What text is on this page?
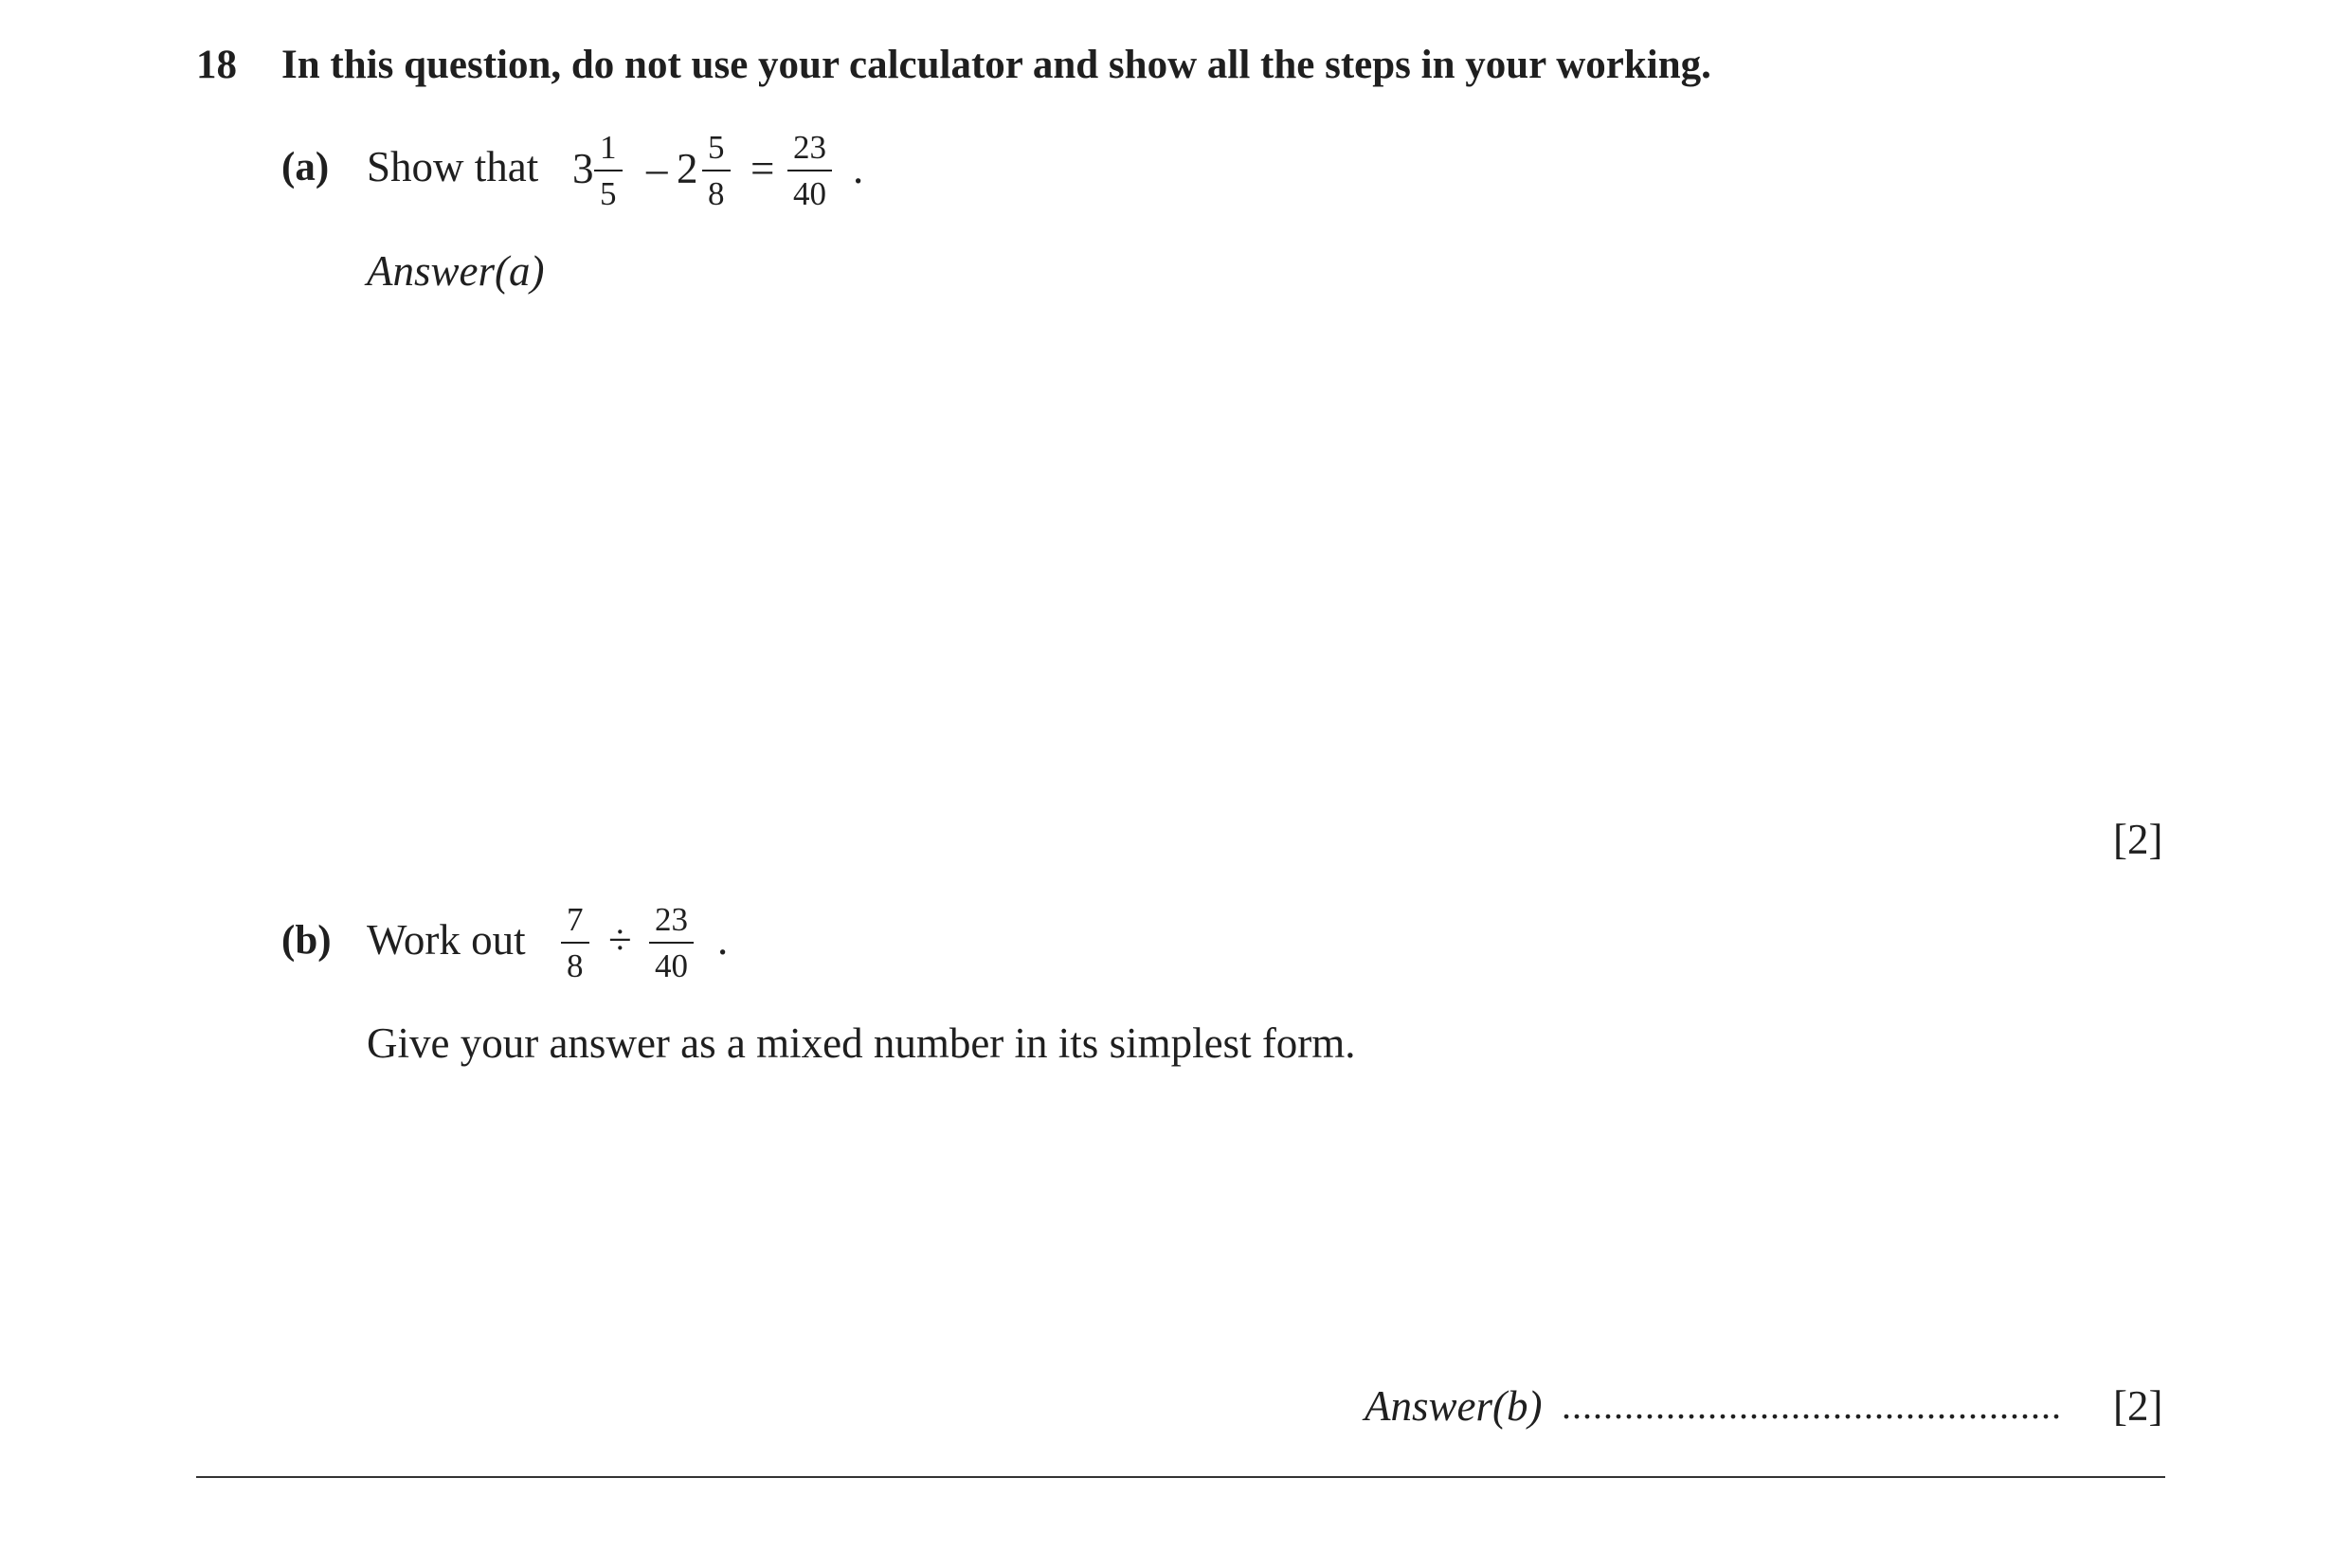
18 In this question, do not use your calculator and show all the steps in your working.
(a) Show that 3 1
5
– 2 5
8
= 23
40
.
Answer(a)
[2]
(b) Work out 7
8
÷ 23
40
.
Give your answer as a mixed number in its simplest form.
Answer(b) ................................................ [2]
